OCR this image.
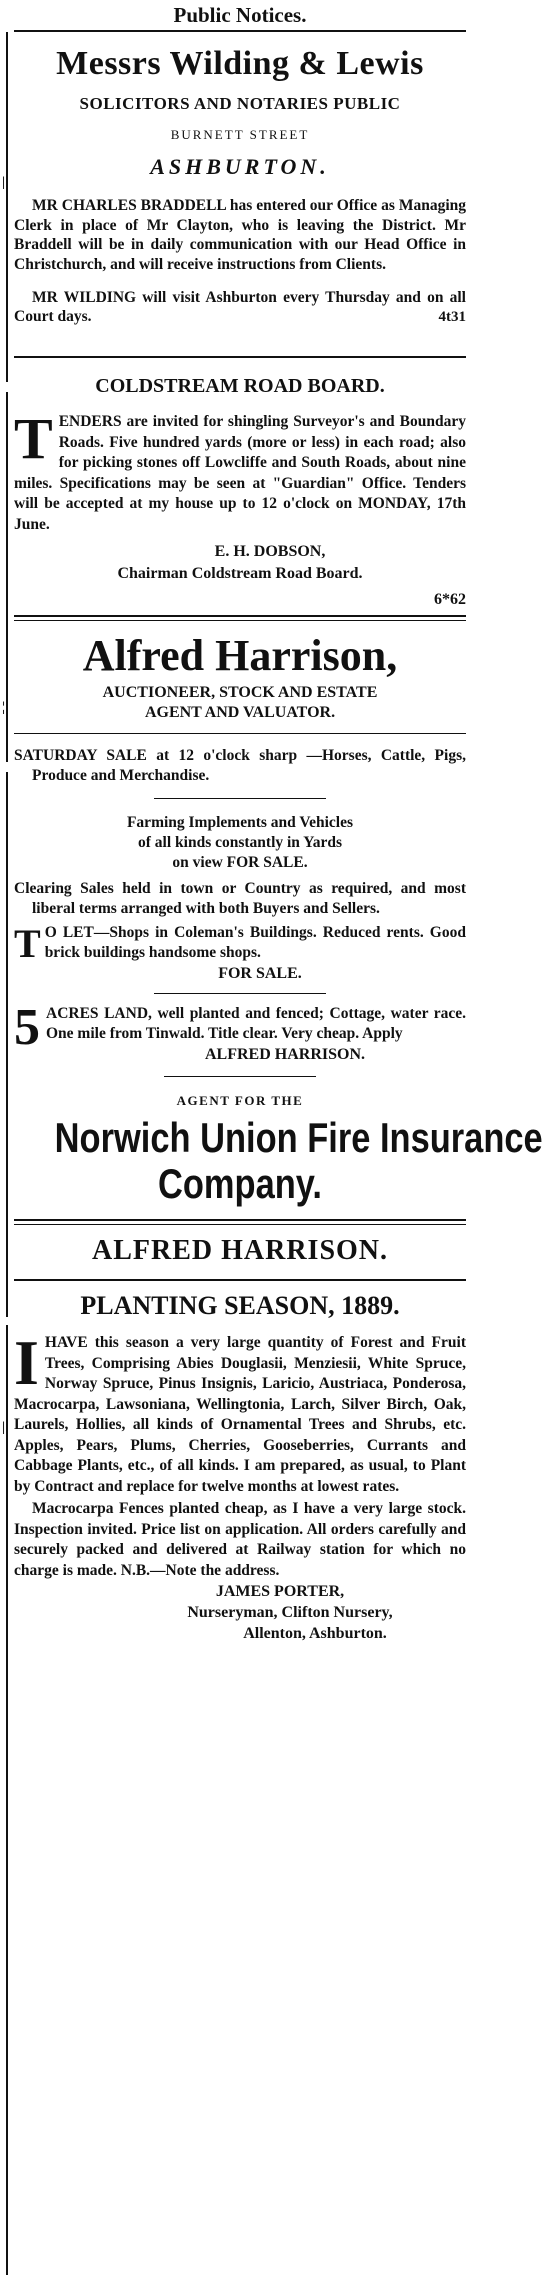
|
¦
|
Public Notices.
Messrs Wilding & Lewis
SOLICITORS AND NOTARIES PUBLIC
BURNETT STREET
ASHBURTON.

MR CHARLES BRADDELL has entered our Office as Managing Clerk in place of Mr Clayton, who is leaving the District. Mr Braddell will be in daily communication with our Head Office in Christchurch, and will receive instructions from Clients.

MR WILDING will visit Ashburton every Thursday and on all Court days.	4t31
COLDSTREAM ROAD BOARD.
T ENDERS are invited for shingling Surveyor's and Boundary Roads. Five hundred yards (more or less) in each road; also for picking stones off Lowcliffe and South Roads, about nine miles. Specifications may be seen at "Guardian" Office. Tenders will be accepted at my house up to 12 o'clock on MONDAY, 17th June.

E. H. DOBSON,
Chairman Coldstream Road Board.
6*62
Alfred Harrison,
AUCTIONEER, STOCK AND ESTATE
AGENT AND VALUATOR.

SATURDAY SALE at 12 o'clock sharp —Horses, Cattle, Pigs, Produce and Merchandise.

Farming Implements and Vehicles
of all kinds constantly in Yards
on view FOR SALE.

Clearing Sales held in town or Country as required, and most liberal terms arranged with both Buyers and Sellers.

T O LET—Shops in Coleman's Buildings. Reduced rents. Good brick buildings handsome shops.

FOR SALE.
5 ACRES LAND, well planted and fenced; Cottage, water race. One mile from Tinwald. Title clear. Very cheap. Apply

ALFRED HARRISON.
AGENT FOR THE
Norwich Union Fire Insurance
Company.
ALFRED HARRISON.
PLANTING SEASON, 1889.
I HAVE this season a very large quantity of Forest and Fruit Trees, Comprising Abies Douglasii, Menziesii, White Spruce, Norway Spruce, Pinus Insignis, Laricio, Austriaca, Ponderosa, Macrocarpa, Lawsoniana, Wellingtonia, Larch, Silver Birch, Oak, Laurels, Hollies, all kinds of Ornamental Trees and Shrubs, etc. Apples, Pears, Plums, Cherries, Gooseberries, Currants and Cabbage Plants, etc., of all kinds. I am prepared, as usual, to Plant by Contract and replace for twelve months at lowest rates.

Macrocarpa Fences planted cheap, as I have a very large stock. Inspection invited. Price list on application. All orders carefully and securely packed and delivered at Railway station for which no charge is made. N.B.—Note the address.

JAMES PORTER,
Nurseryman, Clifton Nursery,
Allenton, Ashburton.
